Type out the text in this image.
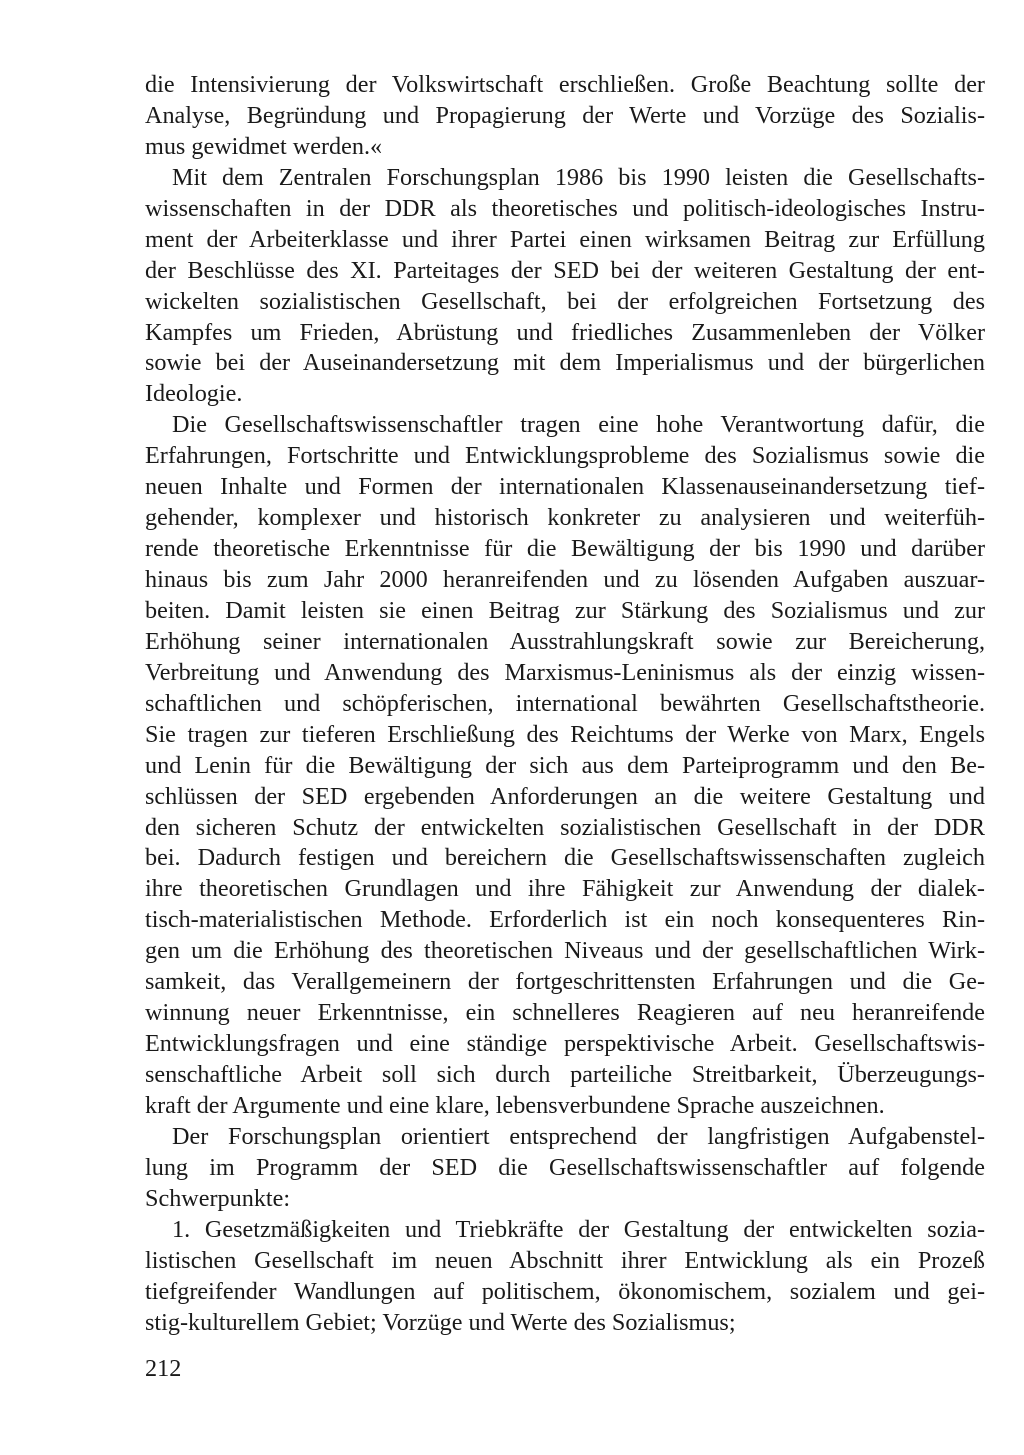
die Intensivierung der Volkswirtschaft erschließen. Große Beachtung sollte der
Analyse, Begründung und Propagierung der Werte und Vorzüge des Sozialis-
mus gewidmet werden.«
Mit dem Zentralen Forschungsplan 1986 bis 1990 leisten die Gesellschafts-
wissenschaften in der DDR als theoretisches und politisch-ideologisches Instru-
ment der Arbeiterklasse und ihrer Partei einen wirksamen Beitrag zur Erfüllung
der Beschlüsse des XI. Parteitages der SED bei der weiteren Gestaltung der ent-
wickelten sozialistischen Gesellschaft, bei der erfolgreichen Fortsetzung des
Kampfes um Frieden, Abrüstung und friedliches Zusammenleben der Völker
sowie bei der Auseinandersetzung mit dem Imperialismus und der bürgerlichen
Ideologie.
Die Gesellschaftswissenschaftler tragen eine hohe Verantwortung dafür, die
Erfahrungen, Fortschritte und Entwicklungsprobleme des Sozialismus sowie die
neuen Inhalte und Formen der internationalen Klassenauseinandersetzung tief-
gehender, komplexer und historisch konkreter zu analysieren und weiterfüh-
rende theoretische Erkenntnisse für die Bewältigung der bis 1990 und darüber
hinaus bis zum Jahr 2000 heranreifenden und zu lösenden Aufgaben auszuar-
beiten. Damit leisten sie einen Beitrag zur Stärkung des Sozialismus und zur
Erhöhung seiner internationalen Ausstrahlungskraft sowie zur Bereicherung,
Verbreitung und Anwendung des Marxismus-Leninismus als der einzig wissen-
schaftlichen und schöpferischen, international bewährten Gesellschaftstheorie.
Sie tragen zur tieferen Erschließung des Reichtums der Werke von Marx, Engels
und Lenin für die Bewältigung der sich aus dem Parteiprogramm und den Be-
schlüssen der SED ergebenden Anforderungen an die weitere Gestaltung und
den sicheren Schutz der entwickelten sozialistischen Gesellschaft in der DDR
bei. Dadurch festigen und bereichern die Gesellschaftswissenschaften zugleich
ihre theoretischen Grundlagen und ihre Fähigkeit zur Anwendung der dialek-
tisch-materialistischen Methode. Erforderlich ist ein noch konsequenteres Rin-
gen um die Erhöhung des theoretischen Niveaus und der gesellschaftlichen Wirk-
samkeit, das Verallgemeinern der fortgeschrittensten Erfahrungen und die Ge-
winnung neuer Erkenntnisse, ein schnelleres Reagieren auf neu heranreifende
Entwicklungsfragen und eine ständige perspektivische Arbeit. Gesellschaftswis-
senschaftliche Arbeit soll sich durch parteiliche Streitbarkeit, Überzeugungs-
kraft der Argumente und eine klare, lebensverbundene Sprache auszeichnen.
Der Forschungsplan orientiert entsprechend der langfristigen Aufgabenstel-
lung im Programm der SED die Gesellschaftswissenschaftler auf folgende
Schwerpunkte:
1. Gesetzmäßigkeiten und Triebkräfte der Gestaltung der entwickelten sozia-
listischen Gesellschaft im neuen Abschnitt ihrer Entwicklung als ein Prozeß
tiefgreifender Wandlungen auf politischem, ökonomischem, sozialem und gei-
stig-kulturellem Gebiet; Vorzüge und Werte des Sozialismus;
212
